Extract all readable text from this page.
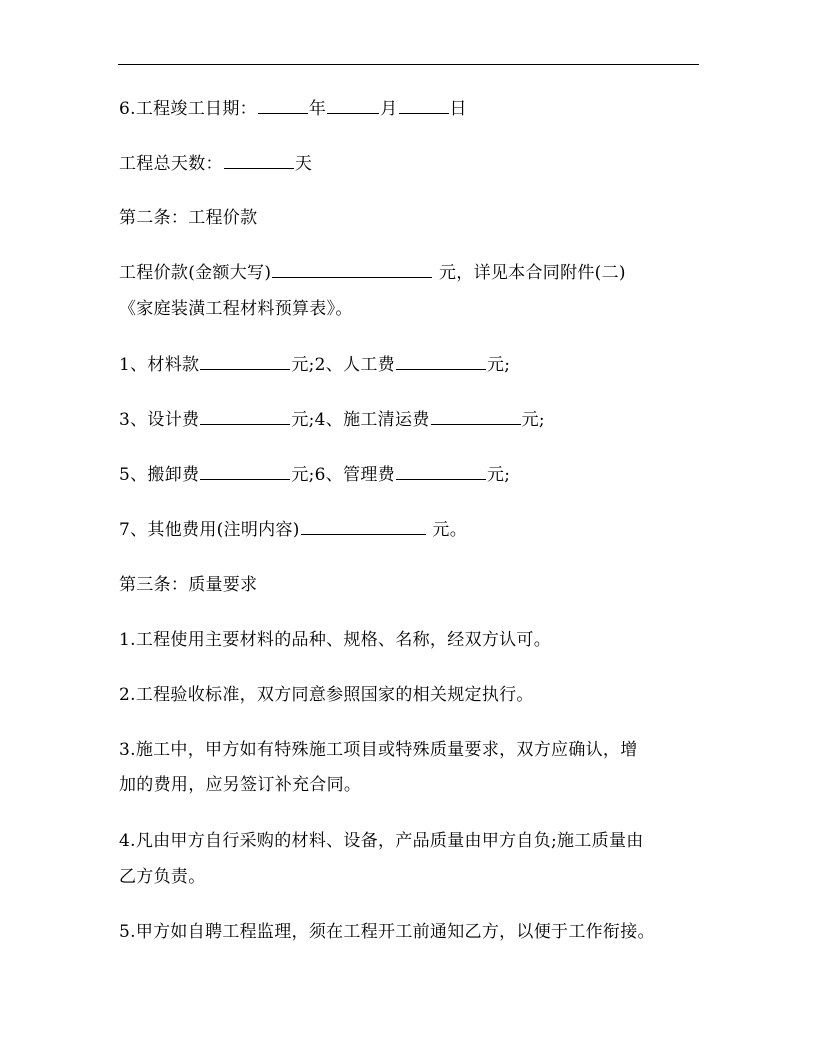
6.工程竣工日期：	年	月	日
工程总天数：	天
第二条：工程价款
工程价款(金额大写)	元，详见本合同附件(二)
《家庭装潢工程材料预算表》。
1、材料款	元;2、人工费	元;
3、设计费	元;4、施工清运费	元;
5、搬卸费	元;6、管理费	元;
7、其他费用(注明内容)	元。
第三条：质量要求
1.工程使用主要材料的品种、规格、名称，经双方认可。
2.工程验收标准，双方同意参照国家的相关规定执行。
3.施工中，甲方如有特殊施工项目或特殊质量要求，双方应确认，增
加的费用，应另签订补充合同。
4.凡由甲方自行采购的材料、设备，产品质量由甲方自负;施工质量由
乙方负责。
5.甲方如自聘工程监理，须在工程开工前通知乙方，以便于工作衔接。
